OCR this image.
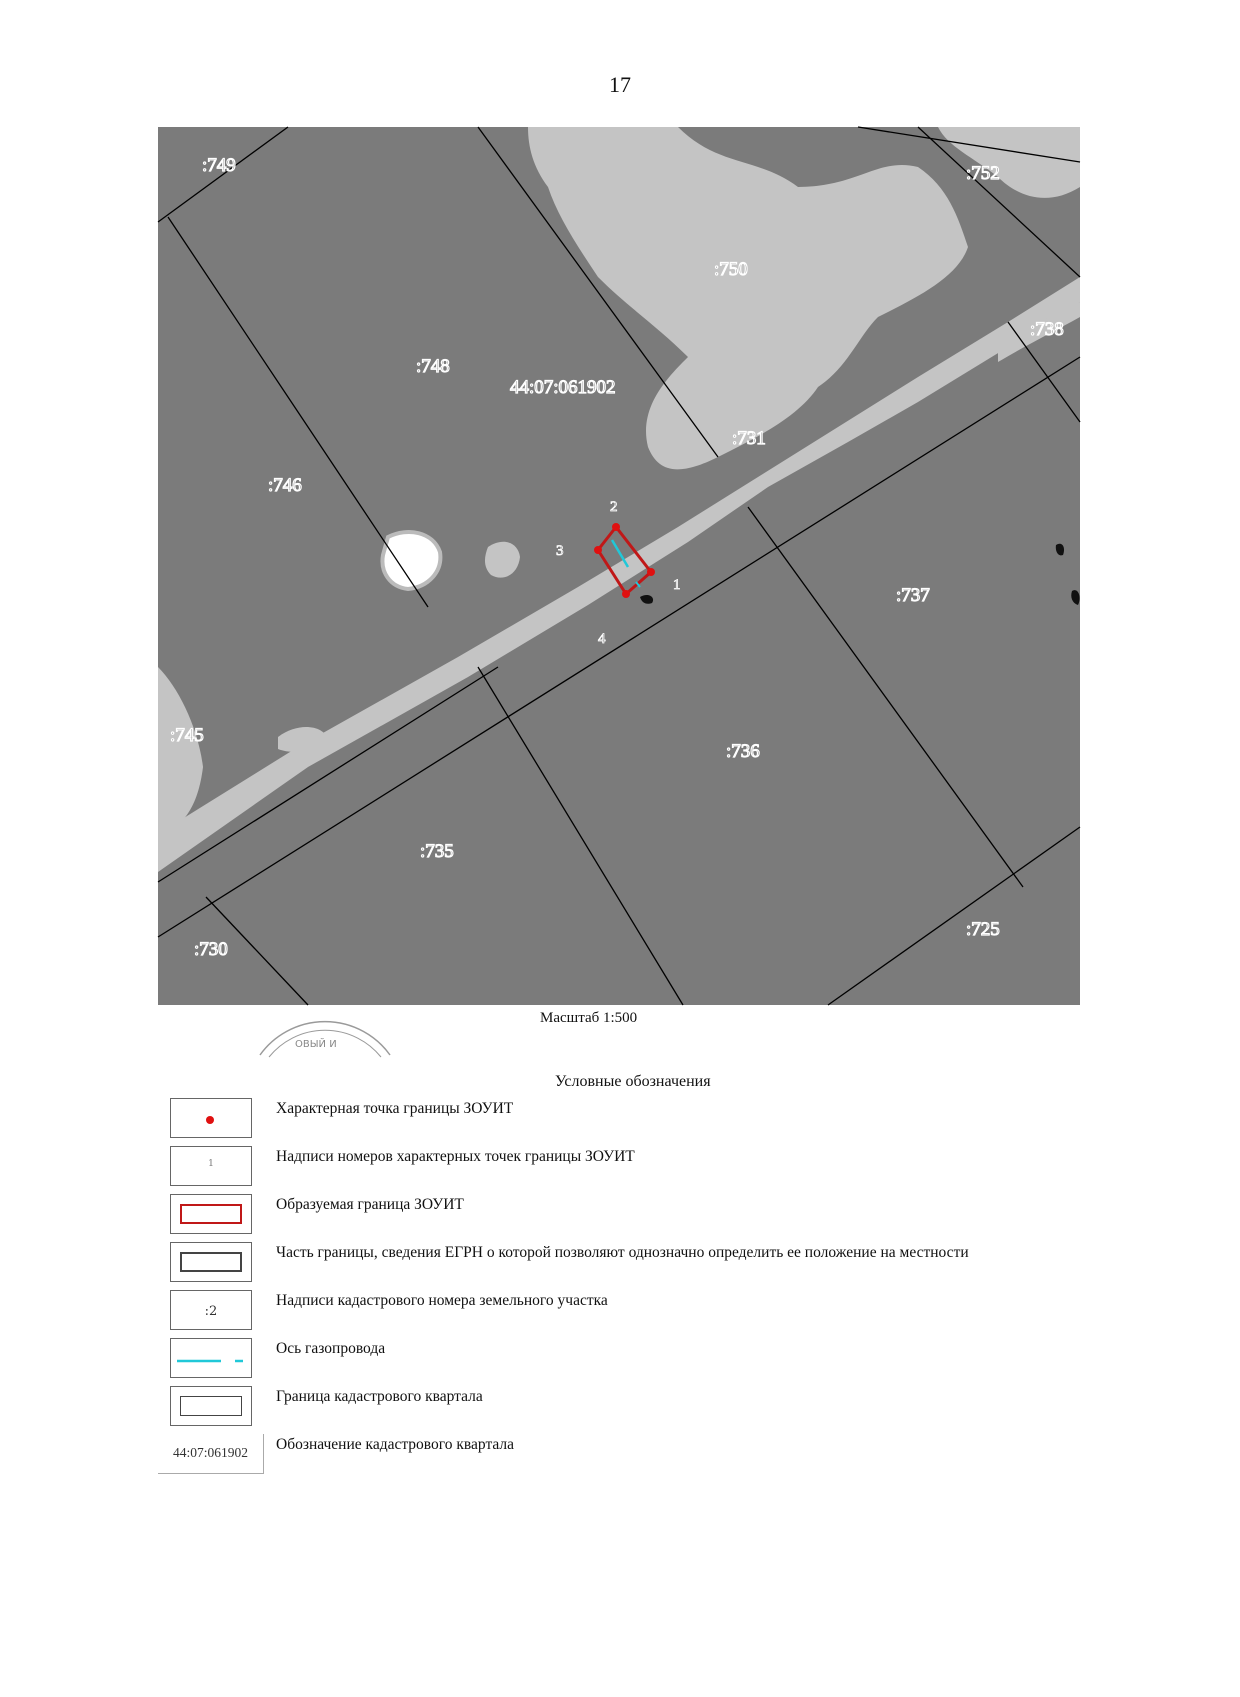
17
:749	:752
:750
:738
:748
:731
:746
:737
:745
:736
:735
:725
:730
44:07:061902
1
2
3
4
ОВЫЙ И
Масштаб 1:500
Условные обозначения
Характерная точка границы ЗОУИТ
1	Надписи номеров характерных точек границы ЗОУИТ
Образуемая граница ЗОУИТ
Часть границы, сведения ЕГРН о которой позволяют однозначно определить ее положение на местности
:2
Надписи кадастрового номера земельного участка
Ось газопровода
Граница кадастрового квартала
44:07:061902	Обозначение кадастрового квартала
